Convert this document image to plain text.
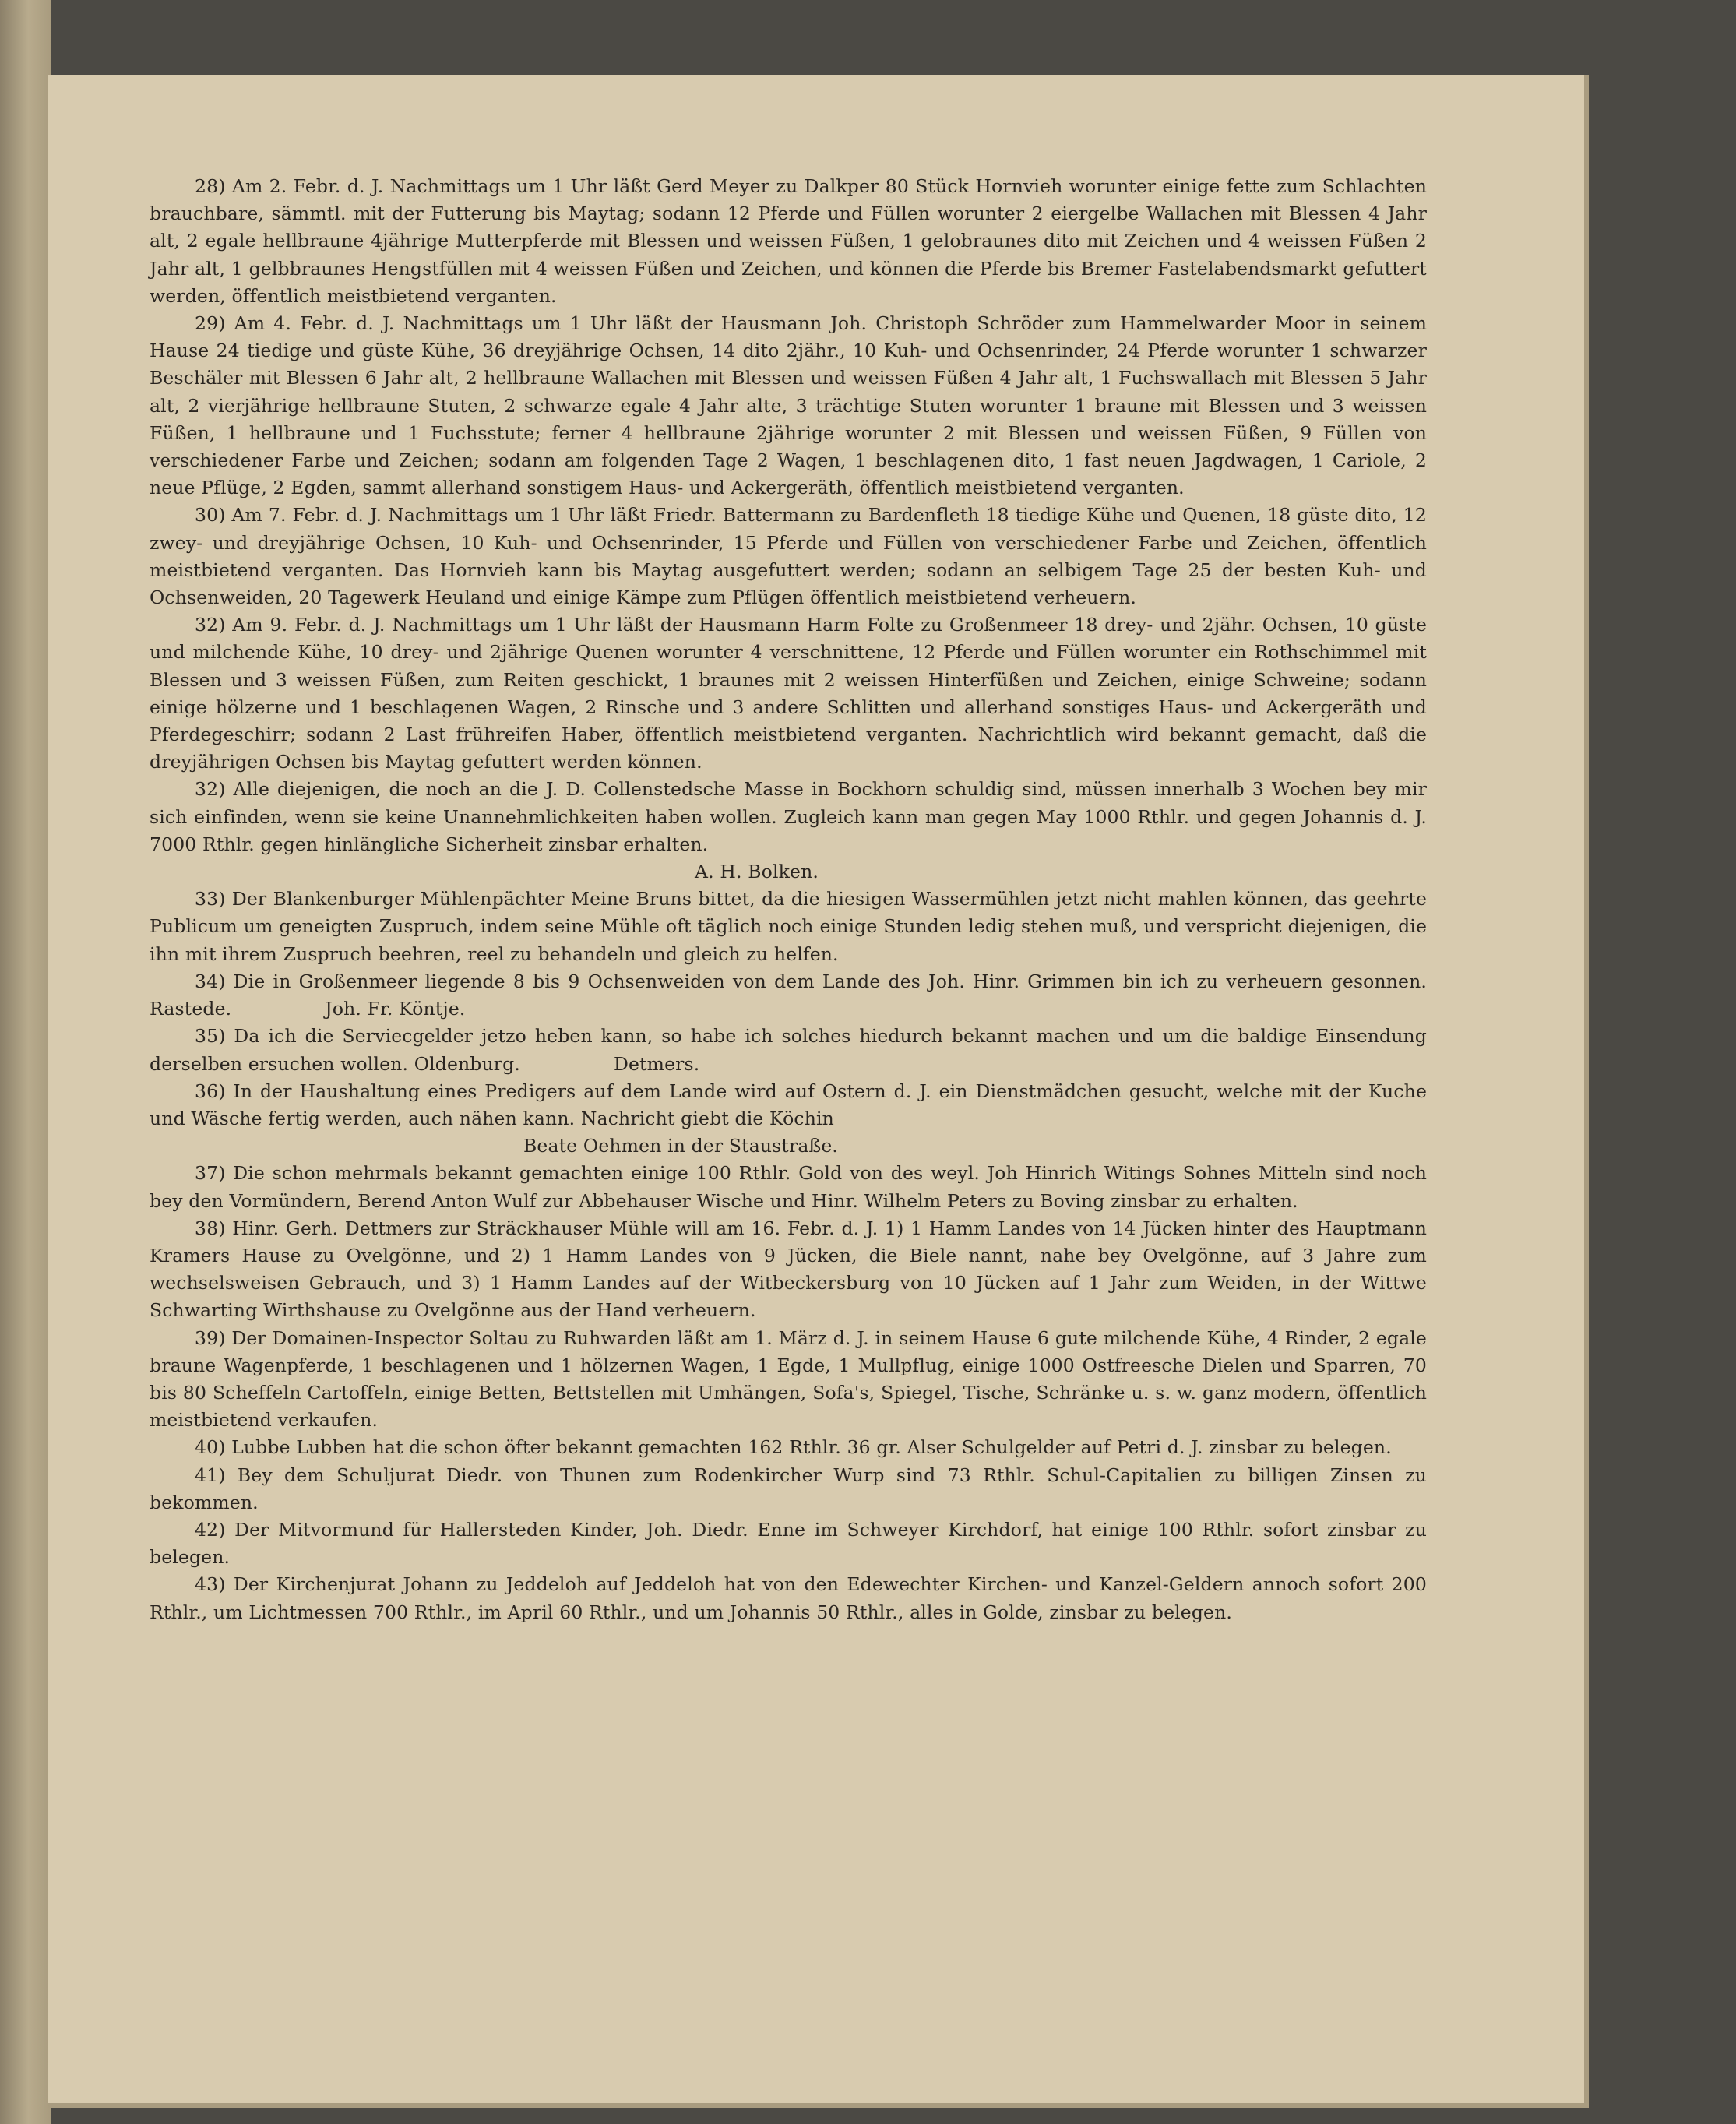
28) Am 2. Febr. d. J. Nachmittags um 1 Uhr läßt Gerd Meyer zu Dalkper 80 Stück Hornvieh worunter einige fette zum Schlachten brauchbare, sämmtl. mit der Futterung bis Maytag; sodann 12 Pferde und Füllen worunter 2 eiergelbe Wallachen mit Blessen 4 Jahr alt, 2 egale hellbraune 4jährige Mutterpferde mit Blessen und weissen Füßen, 1 gelobraunes dito mit Zeichen und 4 weissen Füßen 2 Jahr alt, 1 gelbbraunes Hengstfüllen mit 4 weissen Füßen und Zeichen, und können die Pferde bis Bremer Fastelabendsmarkt gefuttert werden, öffentlich meistbietend verganten.

29) Am 4. Febr. d. J. Nachmittags um 1 Uhr läßt der Hausmann Joh. Christoph Schröder zum Hammelwarder Moor in seinem Hause 24 tiedige und güste Kühe, 36 dreyjährige Ochsen, 14 dito 2jähr., 10 Kuh- und Ochsenrinder, 24 Pferde worunter 1 schwarzer Beschäler mit Blessen 6 Jahr alt, 2 hellbraune Wallachen mit Blessen und weissen Füßen 4 Jahr alt, 1 Fuchswallach mit Blessen 5 Jahr alt, 2 vierjährige hellbraune Stuten, 2 schwarze egale 4 Jahr alte, 3 trächtige Stuten worunter 1 braune mit Blessen und 3 weissen Füßen, 1 hellbraune und 1 Fuchsstute; ferner 4 hellbraune 2jährige worunter 2 mit Blessen und weissen Füßen, 9 Füllen von verschiedener Farbe und Zeichen; sodann am folgenden Tage 2 Wagen, 1 beschlagenen dito, 1 fast neuen Jagdwagen, 1 Cariole, 2 neue Pflüge, 2 Egden, sammt allerhand sonstigem Haus- und Ackergeräth, öffentlich meistbietend verganten.

30) Am 7. Febr. d. J. Nachmittags um 1 Uhr läßt Friedr. Battermann zu Bardenfleth 18 tiedige Kühe und Quenen, 18 güste dito, 12 zwey- und dreyjährige Ochsen, 10 Kuh- und Ochsenrinder, 15 Pferde und Füllen von verschiedener Farbe und Zeichen, öffentlich meistbietend verganten. Das Hornvieh kann bis Maytag ausgefuttert werden; sodann an selbigem Tage 25 der besten Kuh- und Ochsenweiden, 20 Tagewerk Heuland und einige Kämpe zum Pflügen öffentlich meistbietend verheuern.

32) Am 9. Febr. d. J. Nachmittags um 1 Uhr läßt der Hausmann Harm Folte zu Großenmeer 18 drey- und 2jähr. Ochsen, 10 güste und milchende Kühe, 10 drey- und 2jährige Quenen worunter 4 verschnittene, 12 Pferde und Füllen worunter ein Rothschimmel mit Blessen und 3 weissen Füßen, zum Reiten geschickt, 1 braunes mit 2 weissen Hinterfüßen und Zeichen, einige Schweine; sodann einige hölzerne und 1 beschlagenen Wagen, 2 Rinsche und 3 andere Schlitten und allerhand sonstiges Haus- und Ackergeräth und Pferdegeschirr; sodann 2 Last frühreifen Haber, öffentlich meistbietend verganten. Nachrichtlich wird bekannt gemacht, daß die dreyjährigen Ochsen bis Maytag gefuttert werden können.

32) Alle diejenigen, die noch an die J. D. Collenstedsche Masse in Bockhorn schuldig sind, müssen innerhalb 3 Wochen bey mir sich einfinden, wenn sie keine Unannehmlichkeiten haben wollen. Zugleich kann man gegen May 1000 Rthlr. und gegen Johannis d. J. 7000 Rthlr. gegen hinlängliche Sicherheit zinsbar erhalten.
A. H. Bolken.

33) Der Blankenburger Mühlenpächter Meine Bruns bittet, da die hiesigen Wassermühlen jetzt nicht mahlen können, das geehrte Publicum um geneigten Zuspruch, indem seine Mühle oft täglich noch einige Stunden ledig stehen muß, und verspricht diejenigen, die ihn mit ihrem Zuspruch beehren, reel zu behandeln und gleich zu helfen.

34) Die in Großenmeer liegende 8 bis 9 Ochsenweiden von dem Lande des Joh. Hinr. Grimmen bin ich zu verheuern gesonnen. Rastede.	Joh. Fr. Köntje.

35) Da ich die Serviecgelder jetzo heben kann, so habe ich solches hiedurch bekannt machen und um die baldige Einsendung derselben ersuchen wollen. Oldenburg.	Detmers.

36) In der Haushaltung eines Predigers auf dem Lande wird auf Ostern d. J. ein Dienstmädchen gesucht, welche mit der Kuche und Wäsche fertig werden, auch nähen kann. Nachricht giebt die Köchin
Beate Oehmen in der Staustraße.

37) Die schon mehrmals bekannt gemachten einige 100 Rthlr. Gold von des weyl. Joh Hinrich Witings Sohnes Mitteln sind noch bey den Vormündern, Berend Anton Wulf zur Abbehauser Wische und Hinr. Wilhelm Peters zu Boving zinsbar zu erhalten.

38) Hinr. Gerh. Dettmers zur Sträckhauser Mühle will am 16. Febr. d. J. 1) 1 Hamm Landes von 14 Jücken hinter des Hauptmann Kramers Hause zu Ovelgönne, und 2) 1 Hamm Landes von 9 Jücken, die Biele nannt, nahe bey Ovelgönne, auf 3 Jahre zum wechselsweisen Gebrauch, und 3) 1 Hamm Landes auf der Witbeckersburg von 10 Jücken auf 1 Jahr zum Weiden, in der Wittwe Schwarting Wirthshause zu Ovelgönne aus der Hand verheuern.

39) Der Domainen-Inspector Soltau zu Ruhwarden läßt am 1. März d. J. in seinem Hause 6 gute milchende Kühe, 4 Rinder, 2 egale braune Wagenpferde, 1 beschlagenen und 1 hölzernen Wagen, 1 Egde, 1 Mullpflug, einige 1000 Ostfreesche Dielen und Sparren, 70 bis 80 Scheffeln Cartoffeln, einige Betten, Bettstellen mit Umhängen, Sofa's, Spiegel, Tische, Schränke u. s. w. ganz modern, öffentlich meistbietend verkaufen.

40) Lubbe Lubben hat die schon öfter bekannt gemachten 162 Rthlr. 36 gr. Alser Schulgelder auf Petri d. J. zinsbar zu belegen.

41) Bey dem Schuljurat Diedr. von Thunen zum Rodenkircher Wurp sind 73 Rthlr. Schul-Capitalien zu billigen Zinsen zu bekommen.

42) Der Mitvormund für Hallersteden Kinder, Joh. Diedr. Enne im Schweyer Kirchdorf, hat einige 100 Rthlr. sofort zinsbar zu belegen.

43) Der Kirchenjurat Johann zu Jeddeloh auf Jeddeloh hat von den Edewechter Kirchen- und Kanzel-Geldern annoch sofort 200 Rthlr., um Lichtmessen 700 Rthlr., im April 60 Rthlr., und um Johannis 50 Rthlr., alles in Golde, zinsbar zu belegen.
